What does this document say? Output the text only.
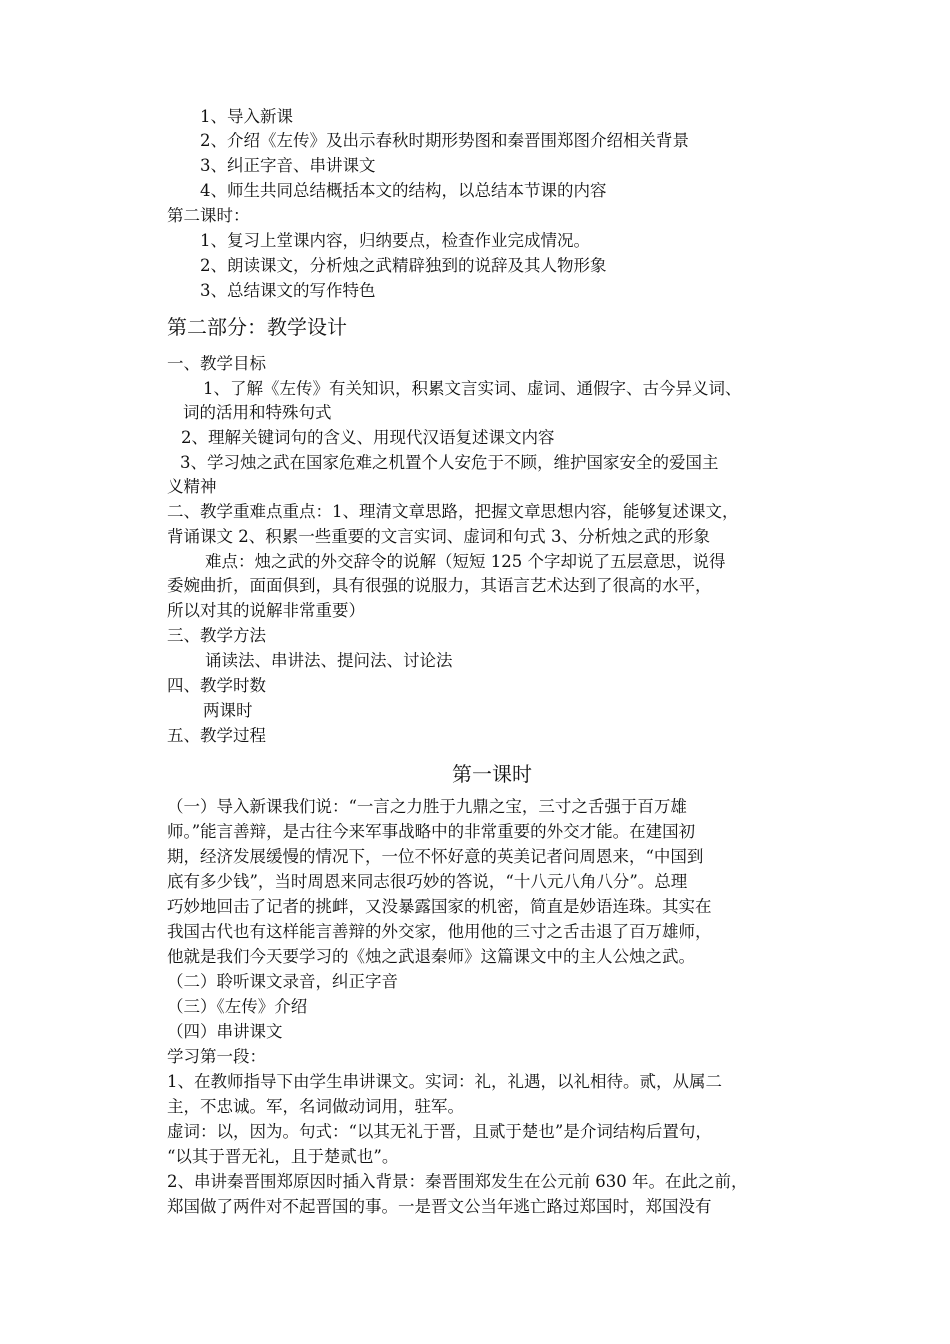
1、导入新课
2、介绍《左传》及出示春秋时期形势图和秦晋围郑图介绍相关背景
3、纠正字音、串讲课文
4、师生共同总结概括本文的结构，以总结本节课的内容
第二课时：
1、复习上堂课内容，归纳要点，检查作业完成情况。
2、朗读课文，分析烛之武精辟独到的说辞及其人物形象
3、总结课文的写作特色
第二部分：教学设计
一、教学目标
1、了解《左传》有关知识，积累文言实词、虚词、通假字、古今异义词、
词的活用和特殊句式
2、理解关键词句的含义、用现代汉语复述课文内容
3、学习烛之武在国家危难之机置个人安危于不顾，维护国家安全的爱国主
义精神
二、教学重难点重点：1、理清文章思路，把握文章思想内容，能够复述课文，
背诵课文 2、积累一些重要的文言实词、虚词和句式 3、分析烛之武的形象
难点：烛之武的外交辞令的说解（短短 125 个字却说了五层意思，说得
委婉曲折，面面俱到，具有很强的说服力，其语言艺术达到了很高的水平，
所以对其的说解非常重要）
三、教学方法
诵读法、串讲法、提问法、讨论法
四、教学时数
两课时
五、教学过程
第一课时
（一）导入新课我们说：“一言之力胜于九鼎之宝，三寸之舌强于百万雄
师。”能言善辩，是古往今来军事战略中的非常重要的外交才能。在建国初
期，经济发展缓慢的情况下，一位不怀好意的英美记者问周恩来，“中国到
底有多少钱”，当时周恩来同志很巧妙的答说，“十八元八角八分”。总理
巧妙地回击了记者的挑衅，又没暴露国家的机密，简直是妙语连珠。其实在
我国古代也有这样能言善辩的外交家，他用他的三寸之舌击退了百万雄师，
他就是我们今天要学习的《烛之武退秦师》这篇课文中的主人公烛之武。
（二）聆听课文录音，纠正字音
（三）《左传》介绍
（四）串讲课文
学习第一段：
1、在教师指导下由学生串讲课文。实词：礼，礼遇，以礼相待。贰，从属二
主，不忠诚。军，名词做动词用，驻军。
虚词：以，因为。句式：“以其无礼于晋，且贰于楚也”是介词结构后置句，
“以其于晋无礼，且于楚贰也”。
2、串讲秦晋围郑原因时插入背景：秦晋围郑发生在公元前 630 年。在此之前，
郑国做了两件对不起晋国的事。一是晋文公当年逃亡路过郑国时，郑国没有
